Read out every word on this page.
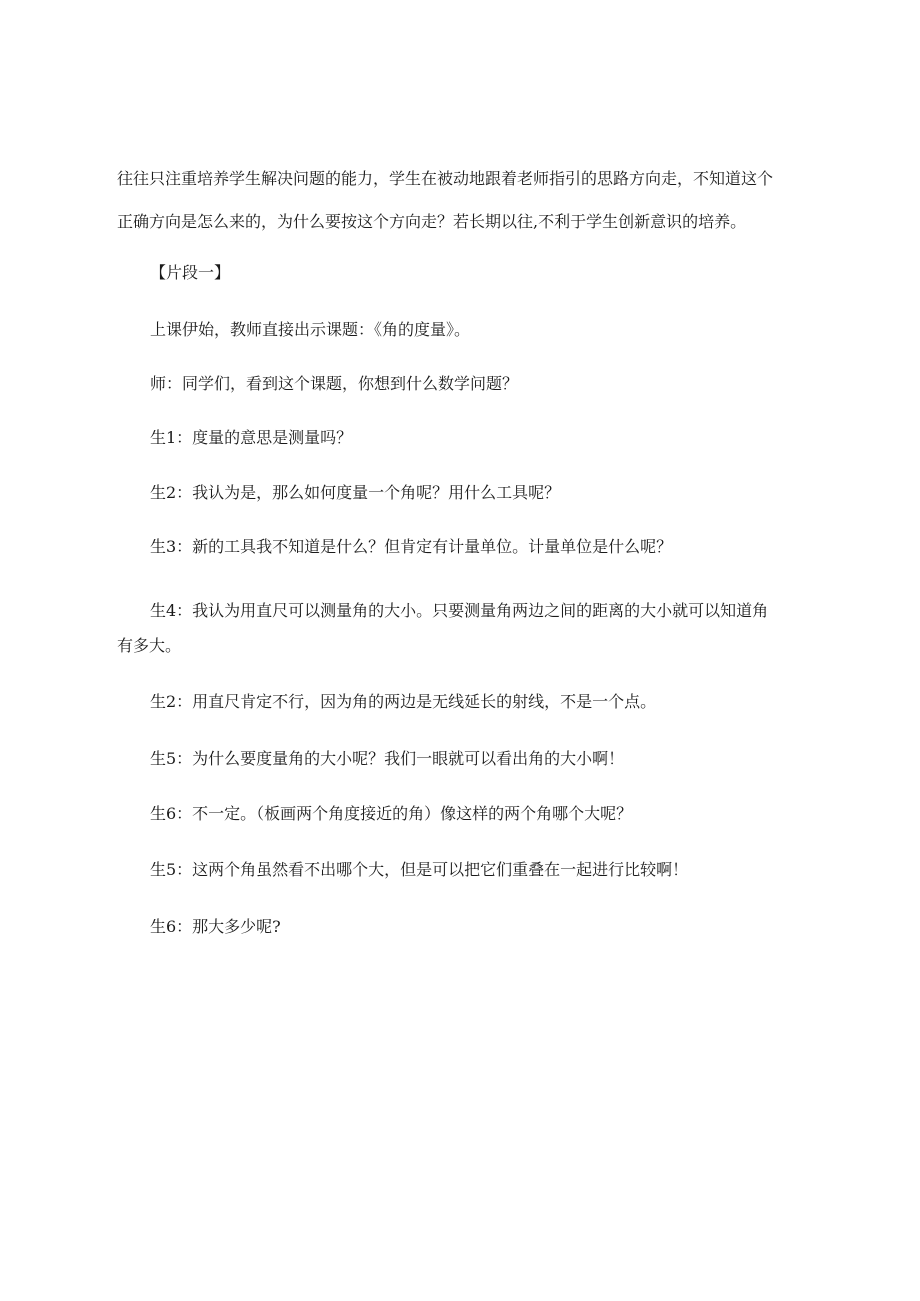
往往只注重培养学生解决问题的能力，学生在被动地跟着老师指引的思路方向走，不知道这个
正确方向是怎么来的，为什么要按这个方向走？若长期以往,不利于学生创新意识的培养。
【片段一】
上课伊始，教师直接出示课题：《角的度量》。
师：同学们，看到这个课题，你想到什么数学问题？
生1：度量的意思是测量吗？
生2：我认为是，那么如何度量一个角呢？用什么工具呢？
生3：新的工具我不知道是什么？但肯定有计量单位。计量单位是什么呢？
生4：我认为用直尺可以测量角的大小。只要测量角两边之间的距离的大小就可以知道角
有多大。
生2：用直尺肯定不行，因为角的两边是无线延长的射线，不是一个点。
生5：为什么要度量角的大小呢？我们一眼就可以看出角的大小啊！
生6：不一定。（板画两个角度接近的角）像这样的两个角哪个大呢？
生5：这两个角虽然看不出哪个大，但是可以把它们重叠在一起进行比较啊！
生6：那大多少呢?
